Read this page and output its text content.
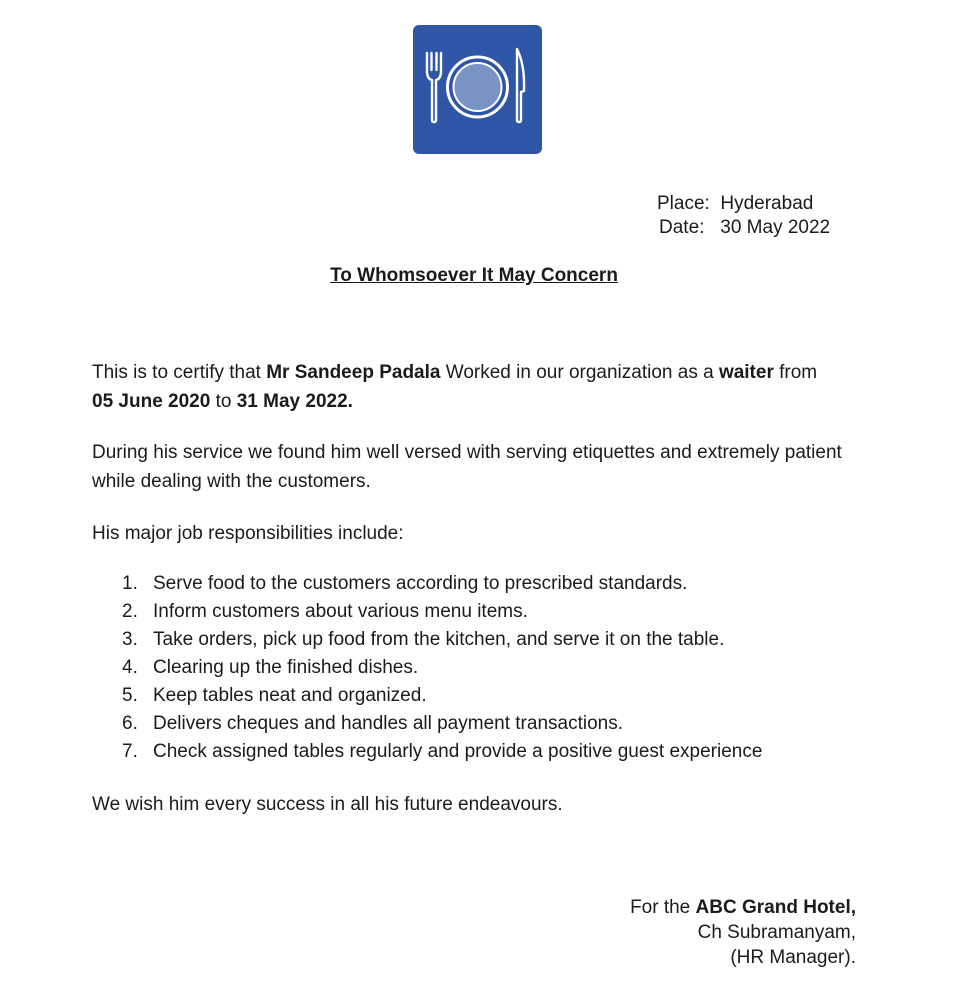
Place: Hyderabad
Date: 30 May 2022
To Whomsoever It May Concern
This is to certify that Mr Sandeep Padala Worked in our organization as a waiter from
05 June 2020 to 31 May 2022.
During his service we found him well versed with serving etiquettes and extremely patient while dealing with the customers.
His major job responsibilities include:
1. Serve food to the customers according to prescribed standards.
2. Inform customers about various menu items.
3. Take orders, pick up food from the kitchen, and serve it on the table.
4. Clearing up the finished dishes.
5. Keep tables neat and organized.
6. Delivers cheques and handles all payment transactions.
7. Check assigned tables regularly and provide a positive guest experience
We wish him every success in all his future endeavours.
For the ABC Grand Hotel,
Ch Subramanyam,
(HR Manager).
